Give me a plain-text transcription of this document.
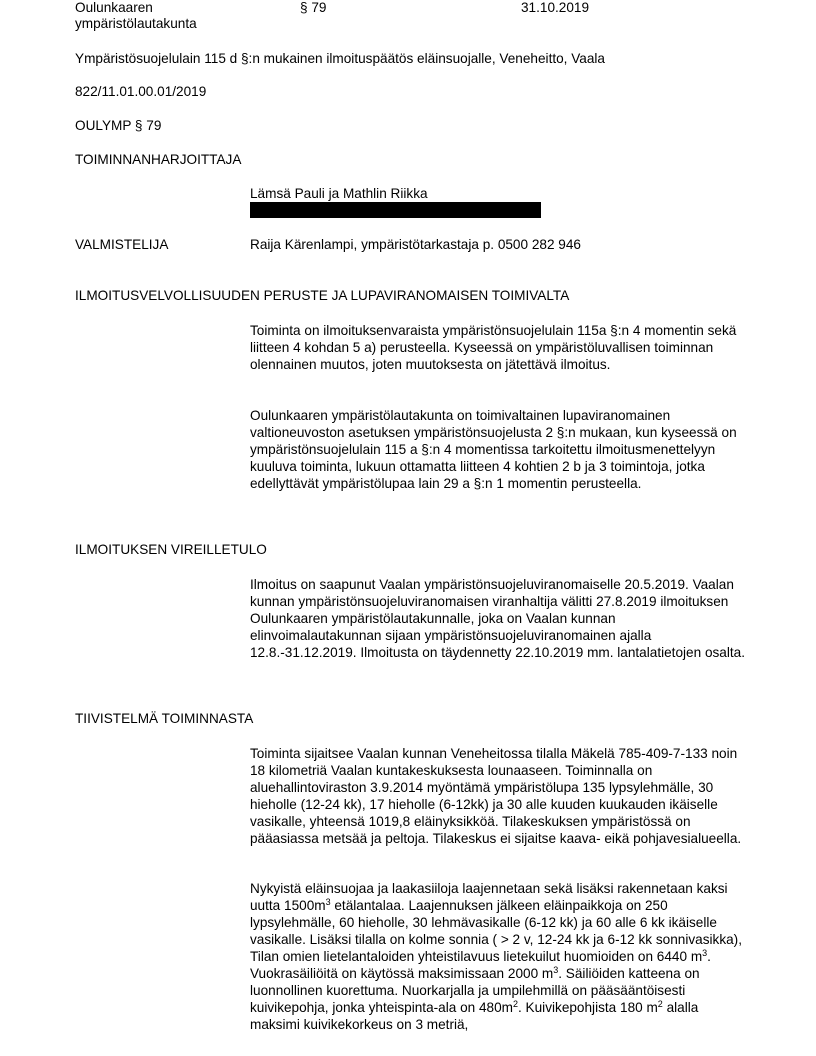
Oulunkaaren
ympäristölautakunta
§ 79	31.10.2019
Ympäristösuojelulain 115 d §:n mukainen ilmoituspäätös eläinsuojalle, Veneheitto, Vaala
822/11.01.00.01/2019
OULYMP § 79
TOIMINNANHARJOITTAJA
Lämsä Pauli ja Mathlin Riikka
VALMISTELIJA	Raija Kärenlampi, ympäristötarkastaja p. 0500 282 946
ILMOITUSVELVOLLISUUDEN PERUSTE JA LUPAVIRANOMAISEN TOIMIVALTA
Toiminta on ilmoituksenvaraista ympäristönsuojelulain 115a §:n 4 momentin sekä liitteen 4 kohdan 5 a) perusteella. Kyseessä on ympäristöluvallisen toiminnan olennainen muutos, joten muutoksesta on jätettävä ilmoitus.
Oulunkaaren ympäristölautakunta on toimivaltainen lupaviranomainen valtioneuvoston asetuksen ympäristönsuojelusta 2 §:n mukaan, kun kyseessä on ympäristönsuojelulain 115 a §:n 4 momentissa tarkoitettu ilmoitusmenettelyyn kuuluva toiminta, lukuun ottamatta liitteen 4 kohtien 2 b ja 3 toimintoja, jotka edellyttävät ympäristölupaa lain 29 a §:n 1 momentin perusteella.
ILMOITUKSEN VIREILLETULO
Ilmoitus on saapunut Vaalan ympäristönsuojeluviranomaiselle 20.5.2019. Vaalan kunnan ympäristönsuojeluviranomaisen viranhaltija välitti 27.8.2019 ilmoituksen Oulunkaaren ympäristölautakunnalle, joka on Vaalan kunnan elinvoimalautakunnan sijaan ympäristönsuojeluviranomainen ajalla 12.8.-31.12.2019. Ilmoitusta on täydennetty 22.10.2019 mm. lantalatietojen osalta.
TIIVISTELMÄ TOIMINNASTA
Toiminta sijaitsee Vaalan kunnan Veneheitossa tilalla Mäkelä 785-409-7-133 noin 18 kilometriä Vaalan kuntakeskuksesta lounaaseen. Toiminnalla on aluehallintoviraston 3.9.2014 myöntämä ympäristölupa 135 lypsylehmälle, 30 hieholle (12-24 kk), 17 hieholle (6-12kk) ja 30 alle kuuden kuukauden ikäiselle vasikalle, yhteensä 1019,8 eläinyksikköä. Tilakeskuksen ympäristössä on pääasiassa metsää ja peltoja. Tilakeskus ei sijaitse kaava- eikä pohjavesialueella.
Nykyistä eläinsuojaa ja laakasiiloja laajennetaan sekä lisäksi rakennetaan kaksi uutta $1500m^3$ etälantalaa. Laajennuksen jälkeen eläinpaikkoja on 250 lypsylehmälle, 60 hieholle, 30 lehmävasikalle (6-12 kk) ja 60 alle 6 kk ikäiselle vasikalle. Lisäksi tilalla on kolme sonnia ( > 2 v, 12-24 kk ja 6-12 kk sonnivasikka), Tilan omien lietelantaloiden yhteistilavuus lietekuilut huomioiden on 6440 $m^3$. Vuokrasäiliöitä on käytössä maksimissaan 2000 $m^3$. Säiliöiden katteena on luonnollinen kuorettuma. Nuorkarjalla ja umpilehmillä on pääsääntöisesti kuivikepohja, jonka yhteispinta-ala on $480m^2$. Kuivikepohjista 180 $m^2$ alalla maksimi kuivikekorkeus on 3 metriä,
